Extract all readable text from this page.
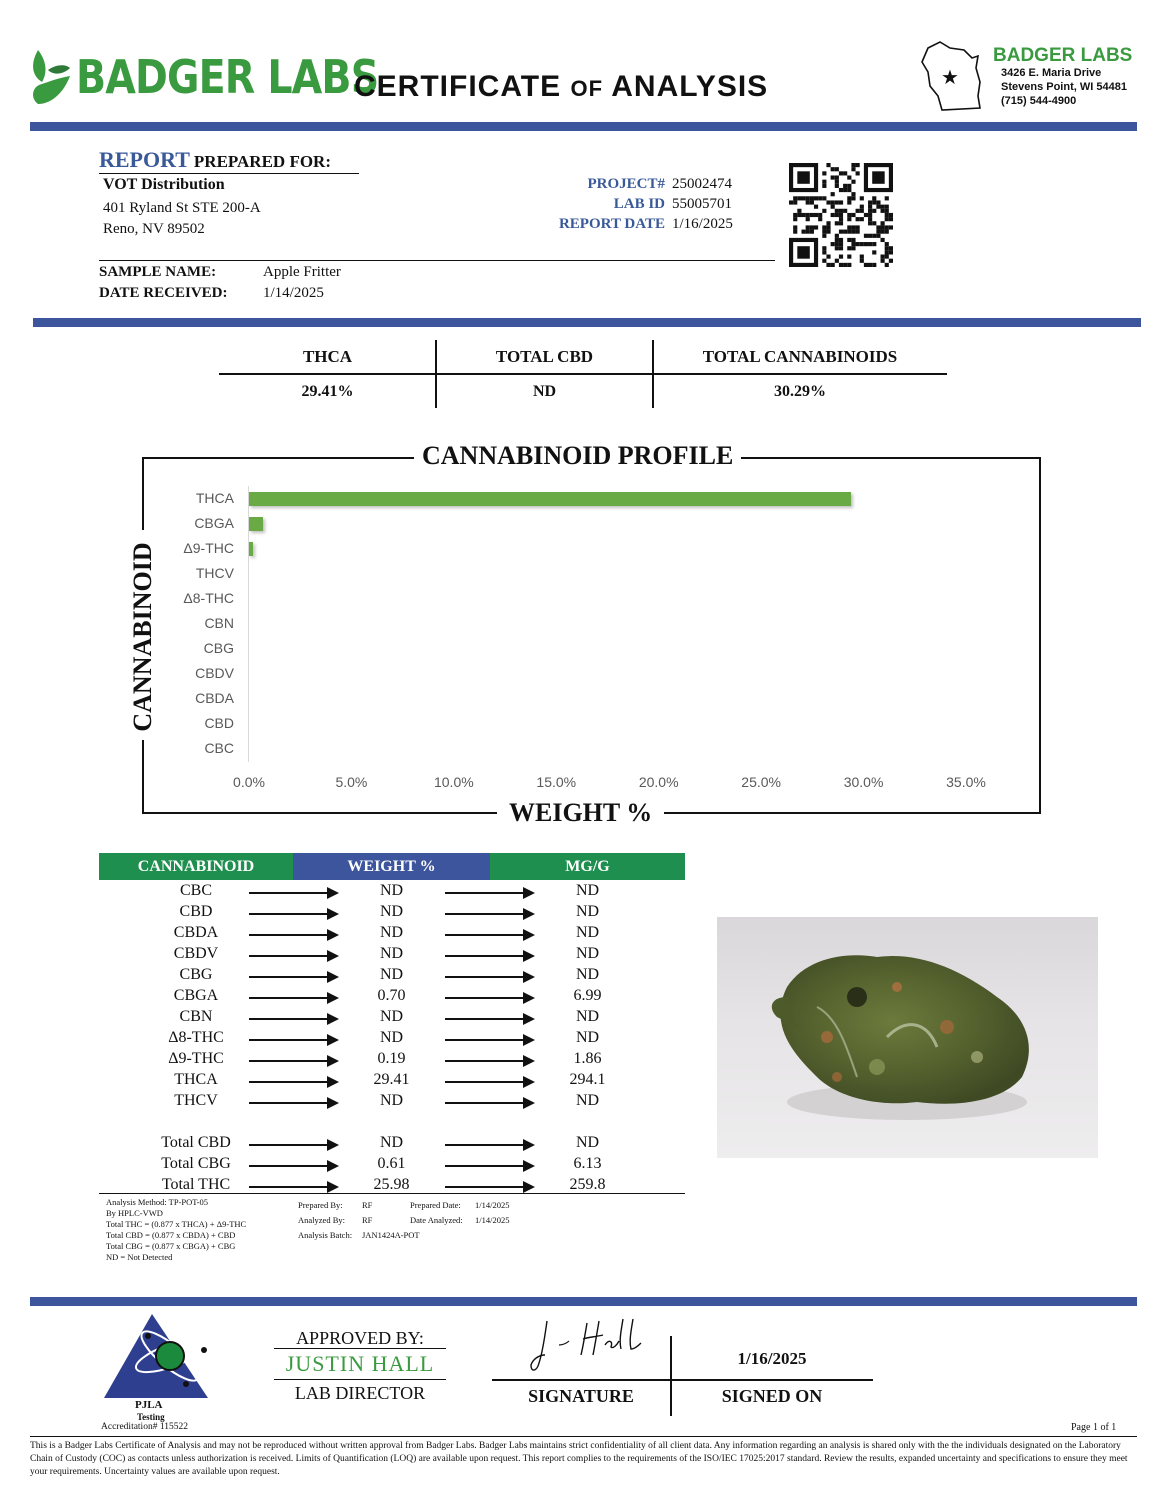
BADGER LABS
CERTIFICATE OF ANALYSIS	★
BADGER LABS
3426 E. Maria Drive
Stevens Point, WI 54481
(715) 544-4900
REPORT PREPARED FOR:
VOT Distribution
401 Ryland St STE 200-A
Reno, NV 89502
PROJECT# 25002474
LAB ID 55005701
REPORT DATE 1/16/2025
SAMPLE NAME:	Apple Fritter
DATE RECEIVED: 1/14/2025
THCA	TOTAL CBD	TOTAL CANNABINOIDS
29.41%	ND	30.29%
CANNABINOID PROFILE
WEIGHT %
CANNABINOID
THCA
CBGA
Δ9-THC
THCV
Δ8-THC
CBN
CBG
CBDV
CBDA
CBD
CBC
0.0%	5.0%	10.0%	15.0%	20.0%	25.0%	30.0%	35.0%
CANNABINOID	WEIGHT %	MG/G
CBC	ND	ND
CBD	ND	ND
CBDA	ND	ND
CBDV	ND	ND
CBG	ND	ND
CBGA	0.70	6.99
CBN	ND	ND
Δ8-THC	ND	ND
Δ9-THC	0.19	1.86
THCA	29.41	294.1
THCV	ND	ND
Total CBD	ND	ND
Total CBG	0.61	6.13
Total THC	25.98	259.8
Analysis Method: TP-POT-05
By HPLC-VWD
Total THC = (0.877 x THCA) + Δ9-THC
Total CBD = (0.877 x CBDA) + CBD
Total CBG = (0.877 x CBGA) + CBG
ND = Not Detected
Prepared By: RF
Analyzed By: RF
Analysis Batch: JAN1424A-POT
Prepared Date: 1/14/2025
Date Analyzed: 1/14/2025
PJLA
Testing
Accreditation# 115522
APPROVED BY:
JUSTIN HALL
LAB DIRECTOR
1/16/2025
SIGNATURE	SIGNED ON
Page 1 of 1
This is a Badger Labs Certificate of Analysis and may not be reproduced without written approval from Badger Labs. Badger Labs maintains strict confidentiality of all client data. Any information regarding an analysis is shared only with the the individuals designated on the Laboratory Chain of Custody (COC) as contacts unless authorization is received. Limits of Quantification (LOQ) are available upon request. This report complies to the requirements of the ISO/IEC 17025:2017 standard. Review the results, expanded uncertainty and specifications to ensure they meet your requirements. Uncertainty values are available upon request.
